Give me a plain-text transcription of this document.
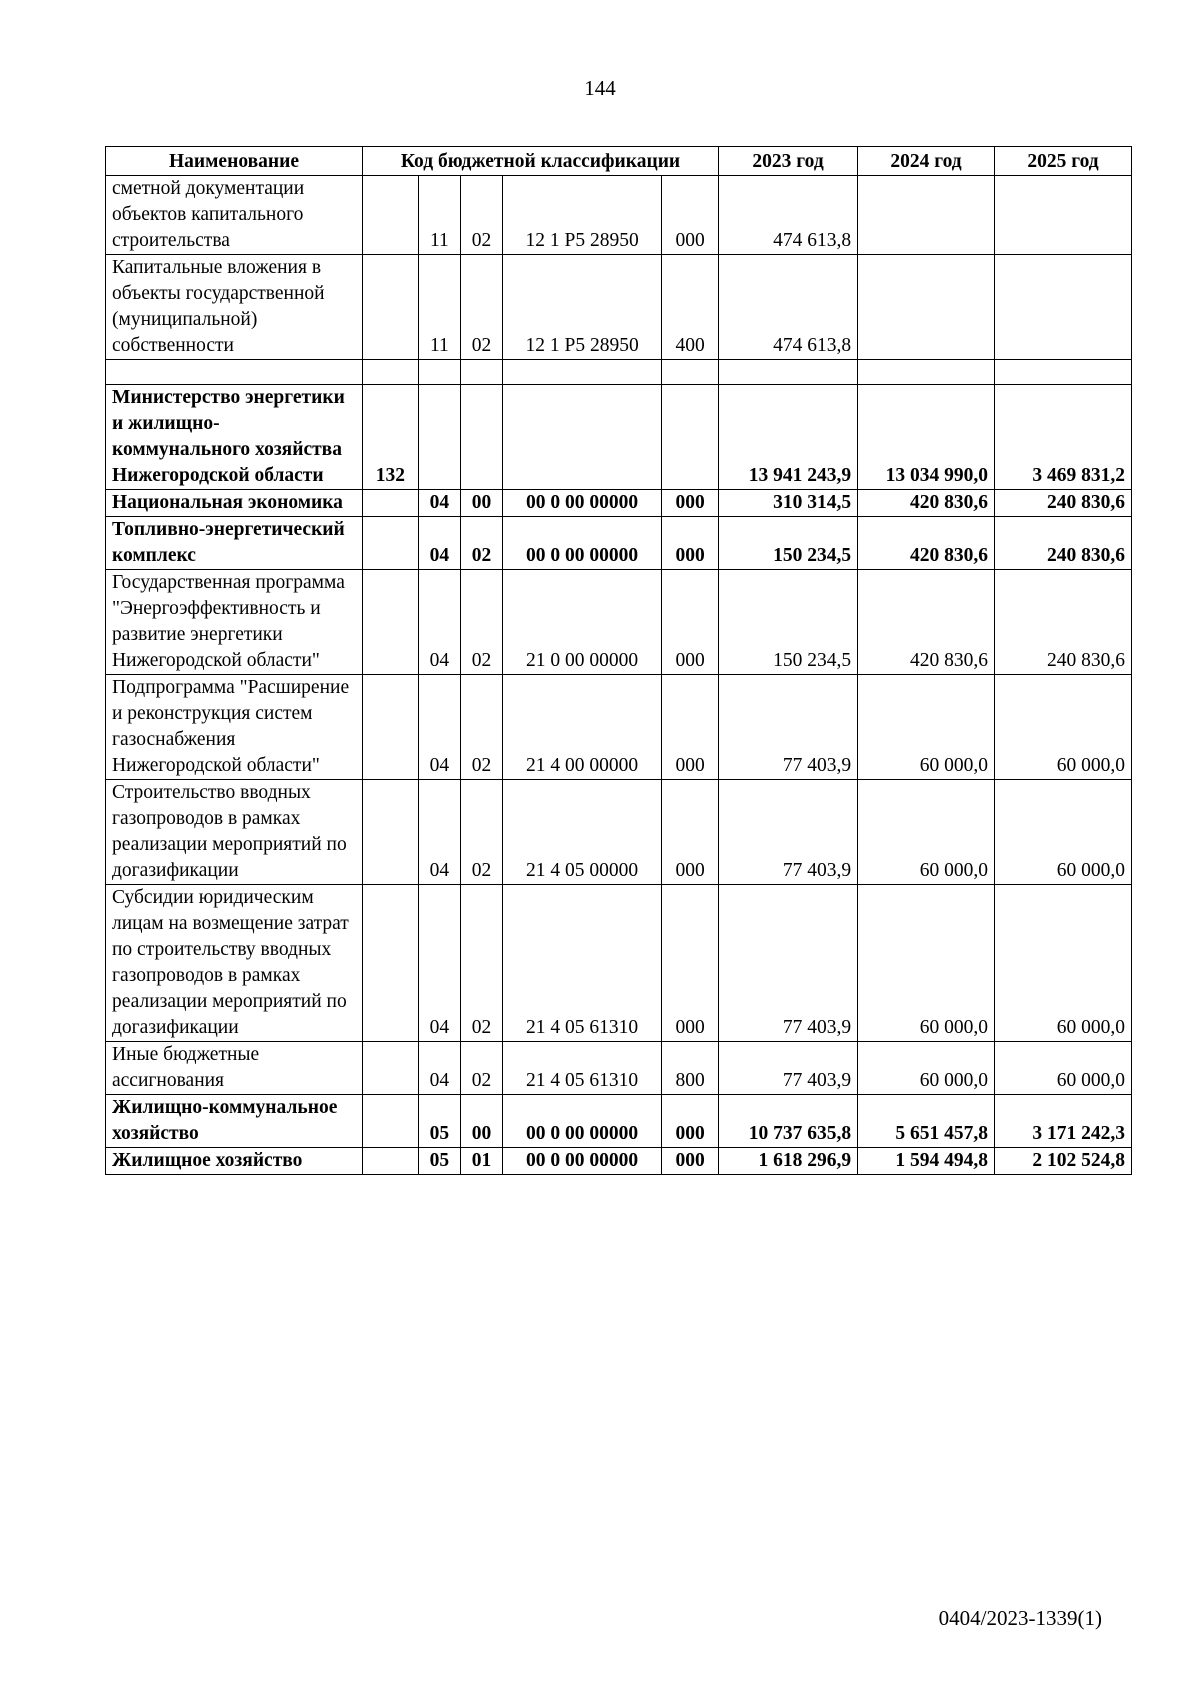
144
Наименование	Код бюджетной классификации					2023 год	2024 год	2025 год
сметной документации объектов капитального строительства		11	02	12 1 Р5 28950	000	474 613,8		
Капитальные вложения в объекты государственной (муниципальной) собственности		11	02	12 1 Р5 28950	400	474 613,8		

Министерство энергетики и жилищно-коммунального хозяйства Нижегородской области	132					13 941 243,9	13 034 990,0	3 469 831,2
Национальная экономика		04	00	00 0 00 00000	000	310 314,5	420 830,6	240 830,6
Топливно-энергетический комплекс		04	02	00 0 00 00000	000	150 234,5	420 830,6	240 830,6
Государственная программа "Энергоэффективность и развитие энергетики Нижегородской области"		04	02	21 0 00 00000	000	150 234,5	420 830,6	240 830,6
Подпрограмма "Расширение и реконструкция систем газоснабжения Нижегородской области"		04	02	21 4 00 00000	000	77 403,9	60 000,0	60 000,0
Строительство вводных газопроводов в рамках реализации мероприятий по догазификации		04	02	21 4 05 00000	000	77 403,9	60 000,0	60 000,0
Субсидии юридическим лицам на возмещение затрат по строительству вводных газопроводов в рамках реализации мероприятий по догазификации		04	02	21 4 05 61310	000	77 403,9	60 000,0	60 000,0
Иные бюджетные ассигнования		04	02	21 4 05 61310	800	77 403,9	60 000,0	60 000,0
Жилищно-коммунальное хозяйство		05	00	00 0 00 00000	000	10 737 635,8	5 651 457,8	3 171 242,3
Жилищное хозяйство		05	01	00 0 00 00000	000	1 618 296,9	1 594 494,8	2 102 524,8
0404/2023-1339(1)
